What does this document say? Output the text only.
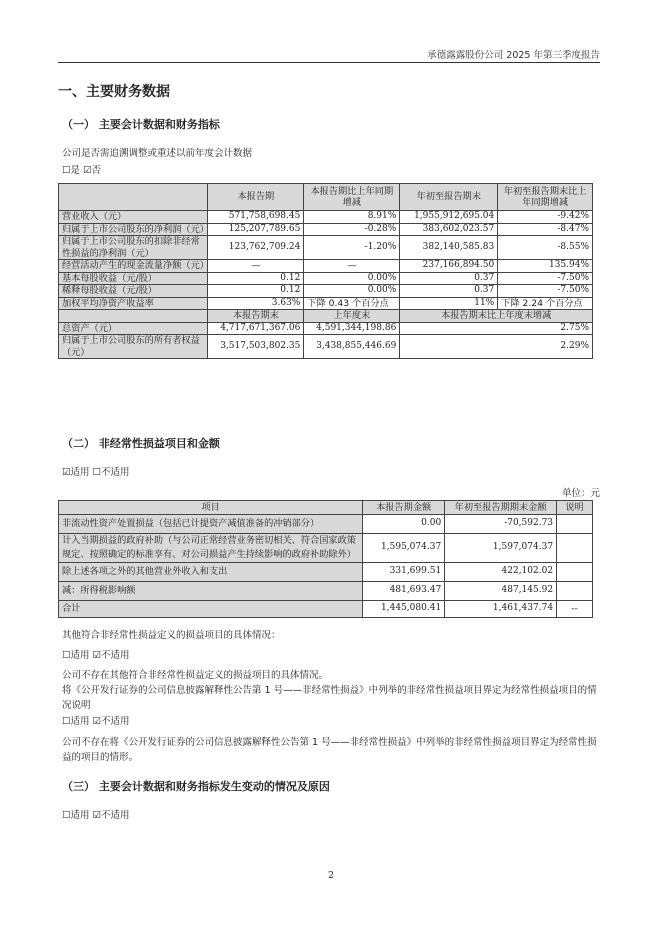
承德露露股份公司 2025 年第三季度报告
一、主要财务数据
（一） 主要会计数据和财务指标
公司是否需追溯调整或重述以前年度会计数据
☐是 ☑否
	本报告期	本报告期比上年同期增减	年初至报告期末	年初至报告期末比上年同期增减
营业收入（元）	571,758,698.45	8.91%	1,955,912,695.04	-9.42%
归属于上市公司股东的净利润（元）	125,207,789.65	-0.28%	383,602,023.57	-8.47%
归属于上市公司股东的扣除非经常性损益的净利润（元）	123,762,709.24	-1.20%	382,140,585.83	-8.55%
经营活动产生的现金流量净额（元）	—	—	237,166,894.50	135.94%
基本每股收益（元/股）	0.12	0.00%	0.37	-7.50%
稀释每股收益（元/股）	0.12	0.00%	0.37	-7.50%
加权平均净资产收益率	3.63%	下降 0.43 个百分点	11%	下降 2.24 个百分点
	本报告期末	上年度末	本报告期末比上年度末增减	
总资产（元）	4,717,671,367.06	4,591,344,198.86	2.75%	
归属于上市公司股东的所有者权益（元）	3,517,503,802.35	3,438,855,446.69	2.29%	
（二） 非经常性损益项目和金额
☑适用 ☐不适用
单位：元
项目	本报告期金额	年初至报告期期末金额	说明
非流动性资产处置损益（包括已计提资产减值准备的冲销部分）	0.00	-70,592.73	
计入当期损益的政府补助（与公司正常经营业务密切相关、符合国家政策规定、按照确定的标准享有、对公司损益产生持续影响的政府补助除外）	1,595,074.37	1,597,074.37	
除上述各项之外的其他营业外收入和支出	331,699.51	422,102.02	
减：所得税影响额	481,693.47	487,145.92	
合计	1,445,080.41	1,461,437.74	--
其他符合非经常性损益定义的损益项目的具体情况：
☐适用 ☑不适用
公司不存在其他符合非经常性损益定义的损益项目的具体情况。
将《公开发行证券的公司信息披露解释性公告第 1 号——非经常性损益》中列举的非经常性损益项目界定为经常性损益项目的情况说明
☐适用 ☑不适用
公司不存在将《公开发行证券的公司信息披露解释性公告第 1 号——非经常性损益》中列举的非经常性损益项目界定为经常性损益的项目的情形。
（三） 主要会计数据和财务指标发生变动的情况及原因
☐适用 ☑不适用
2
